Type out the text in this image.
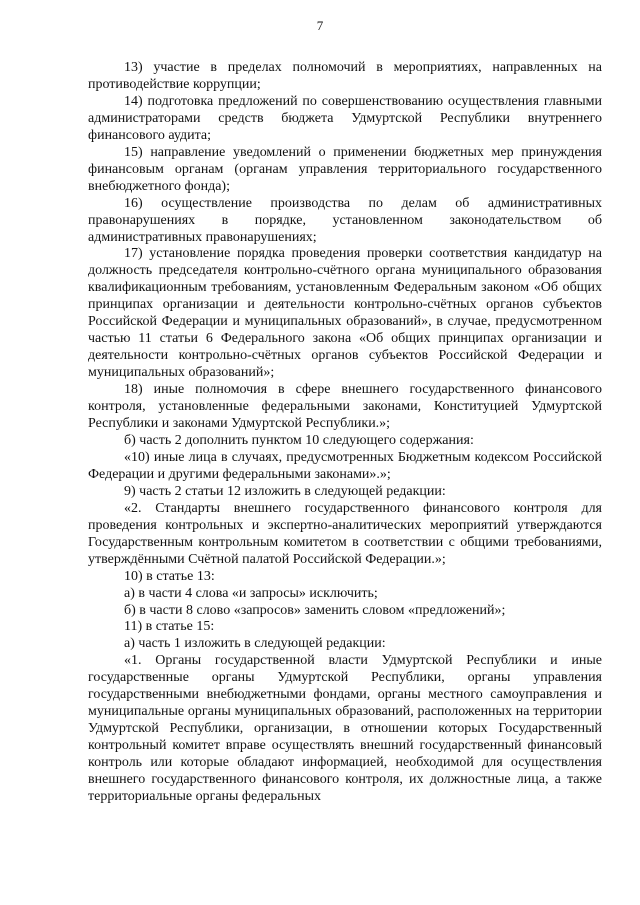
7

13) участие в пределах полномочий в мероприятиях, направленных на противодействие коррупции;

14) подготовка предложений по совершенствованию осуществления главными администраторами средств бюджета Удмуртской Республики внутреннего финансового аудита;

15) направление уведомлений о применении бюджетных мер принуждения финансовым органам (органам управления территориального государственного внебюджетного фонда);

16) осуществление производства по делам об административных правонарушениях в порядке, установленном законодательством об административных правонарушениях;

17) установление порядка проведения проверки соответствия кандидатур на должность председателя контрольно-счётного органа муниципального образования квалификационным требованиям, установленным Федеральным законом «Об общих принципах организации и деятельности контрольно-счётных органов субъектов Российской Федерации и муниципальных образований», в случае, предусмотренном частью 11 статьи 6 Федерального закона «Об общих принципах организации и деятельности контрольно-счётных органов субъектов Российской Федерации и муниципальных образований»;

18) иные полномочия в сфере внешнего государственного финансового контроля, установленные федеральными законами, Конституцией Удмуртской Республики и законами Удмуртской Республики.»;

б) часть 2 дополнить пунктом 10 следующего содержания:

«10) иные лица в случаях, предусмотренных Бюджетным кодексом Российской Федерации и другими федеральными законами».»;

9) часть 2 статьи 12 изложить в следующей редакции:

«2. Стандарты внешнего государственного финансового контроля для проведения контрольных и экспертно-аналитических мероприятий утверждаются Государственным контрольным комитетом в соответствии с общими требованиями, утверждёнными Счётной палатой Российской Федерации.»;

10) в статье 13:

а) в части 4 слова «и запросы» исключить;

б) в части 8 слово «запросов» заменить словом «предложений»;

11) в статье 15:

а) часть 1 изложить в следующей редакции:

«1. Органы государственной власти Удмуртской Республики и иные государственные органы Удмуртской Республики, органы управления государственными внебюджетными фондами, органы местного самоуправления и муниципальные органы муниципальных образований, расположенных на территории Удмуртской Республики, организации, в отношении которых Государственный контрольный комитет вправе осуществлять внешний государственный финансовый контроль или которые обладают информацией, необходимой для осуществления внешнего государственного финансового контроля, их должностные лица, а также территориальные органы федеральных
